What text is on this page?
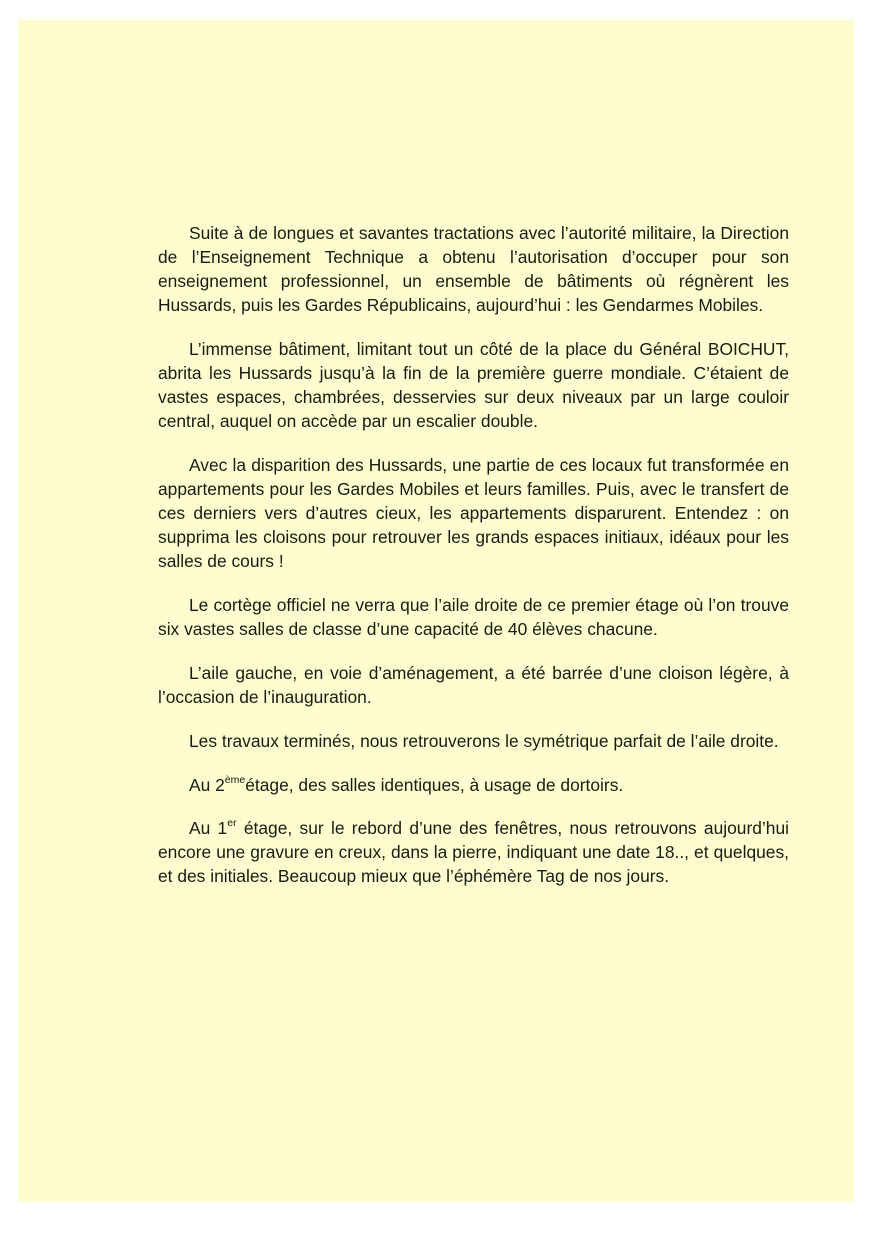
Suite à de longues et savantes tractations avec l’autorité militaire, la Direction de l’Enseignement Technique a obtenu l’autorisation d’occuper pour son enseignement professionnel, un ensemble de bâtiments où régnèrent les Hussards, puis les Gardes Républicains, aujourd’hui : les Gendarmes Mobiles.

L’immense bâtiment, limitant tout un côté de la place du Général BOICHUT, abrita les Hussards jusqu’à la fin de la première guerre mondiale. C’étaient de vastes espaces, chambrées, desservies sur deux niveaux par un large couloir central, auquel on accède par un escalier double.

Avec la disparition des Hussards, une partie de ces locaux fut transformée en appartements pour les Gardes Mobiles et leurs familles. Puis, avec le transfert de ces derniers vers d’autres cieux, les appartements disparurent. Entendez : on supprima les cloisons pour retrouver les grands espaces initiaux, idéaux pour les salles de cours !

Le cortège officiel ne verra que l’aile droite de ce premier étage où l’on trouve six vastes salles de classe d’une capacité de 40 élèves chacune.

L’aile gauche, en voie d’aménagement, a été barrée d’une cloison légère, à l’occasion de l’inauguration.

Les travaux terminés, nous retrouverons le symétrique parfait de l’aile droite.

Au 2èmeétage, des salles identiques, à usage de dortoirs.

Au 1er étage, sur le rebord d’une des fenêtres, nous retrouvons aujourd’hui encore une gravure en creux, dans la pierre, indiquant une date 18.., et quelques, et des initiales. Beaucoup mieux que l’éphémère Tag de nos jours.
